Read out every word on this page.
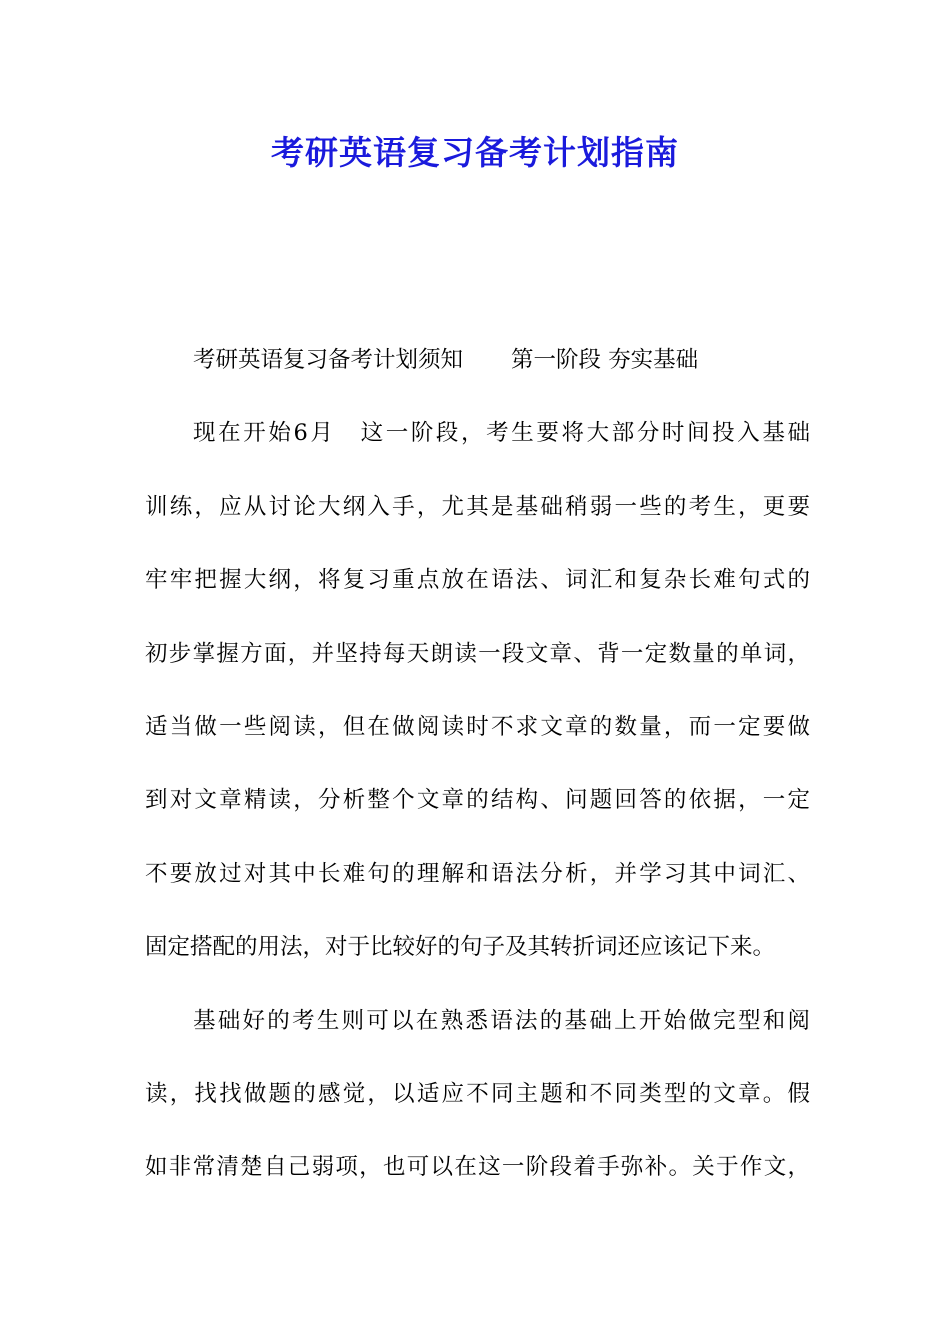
考研英语复习备考计划指南
考研英语复习备考计划须知 第一阶段 夯实基础
现在开始6月　这一阶段，考生要将大部分时间投入基础
训练，应从讨论大纲入手，尤其是基础稍弱一些的考生，更要
牢牢把握大纲，将复习重点放在语法、词汇和复杂长难句式的
初步掌握方面，并坚持每天朗读一段文章、背一定数量的单词，
适当做一些阅读，但在做阅读时不求文章的数量，而一定要做
到对文章精读，分析整个文章的结构、问题回答的依据，一定
不要放过对其中长难句的理解和语法分析，并学习其中词汇、
固定搭配的用法，对于比较好的句子及其转折词还应该记下来。
基础好的考生则可以在熟悉语法的基础上开始做完型和阅
读，找找做题的感觉，以适应不同主题和不同类型的文章。假
如非常清楚自己弱项，也可以在这一阶段着手弥补。关于作文，
